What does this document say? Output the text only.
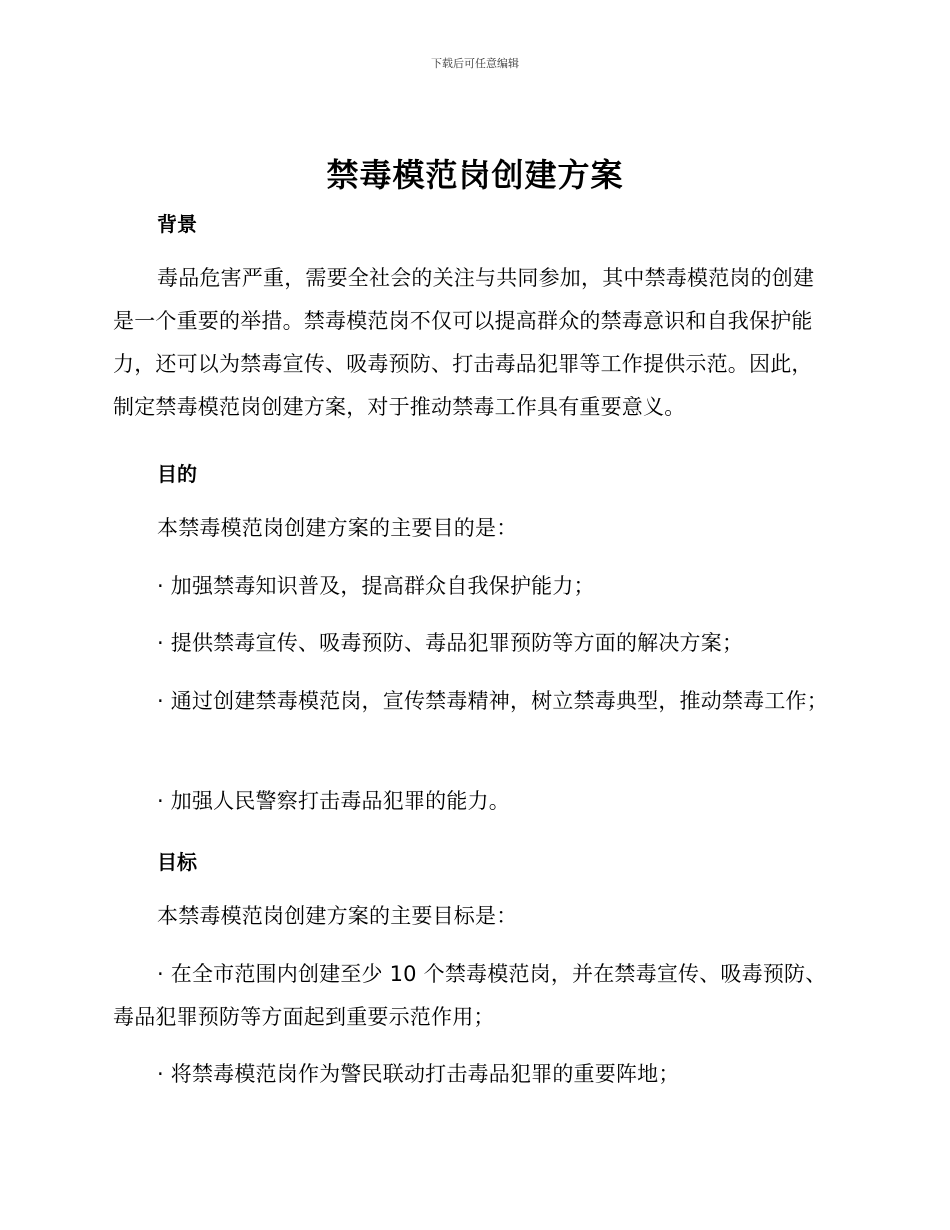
下载后可任意编辑
禁毒模范岗创建方案
背景

毒品危害严重，需要全社会的关注与共同参加，其中禁毒模范岗的创建是一个重要的举措。禁毒模范岗不仅可以提高群众的禁毒意识和自我保护能力，还可以为禁毒宣传、吸毒预防、打击毒品犯罪等工作提供示范。因此，制定禁毒模范岗创建方案，对于推动禁毒工作具有重要意义。

目的

本禁毒模范岗创建方案的主要目的是：

· 加强禁毒知识普及，提高群众自我保护能力；

· 提供禁毒宣传、吸毒预防、毒品犯罪预防等方面的解决方案；

· 通过创建禁毒模范岗，宣传禁毒精神，树立禁毒典型，推动禁毒工作；

· 加强人民警察打击毒品犯罪的能力。

目标

本禁毒模范岗创建方案的主要目标是：

· 在全市范围内创建至少 10 个禁毒模范岗，并在禁毒宣传、吸毒预防、毒品犯罪预防等方面起到重要示范作用；

· 将禁毒模范岗作为警民联动打击毒品犯罪的重要阵地；
